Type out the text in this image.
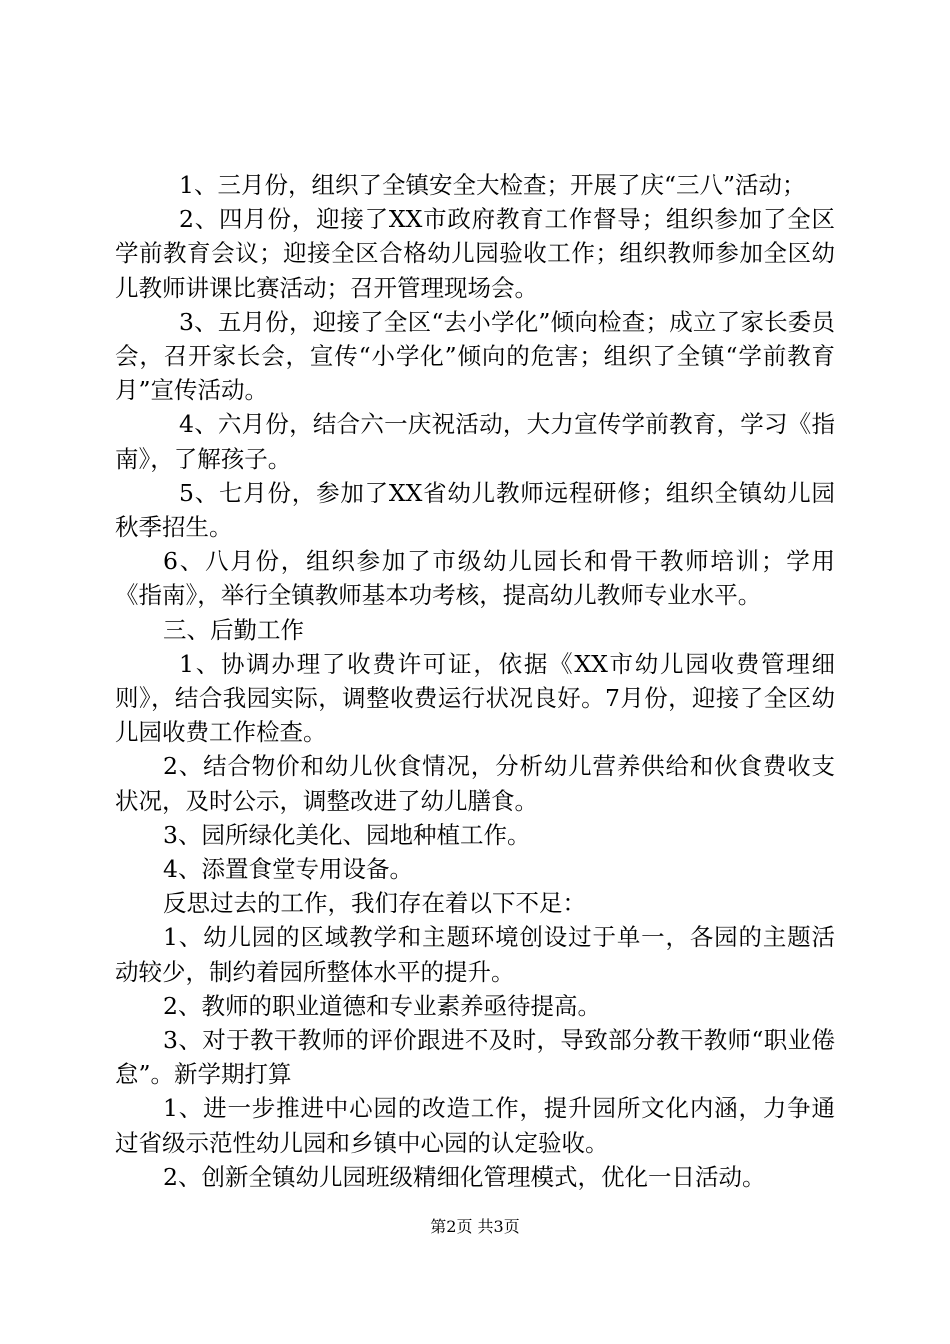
1、三月份，组织了全镇安全大检查；开展了庆“三八”活动；

2、四月份，迎接了XX市政府教育工作督导；组织参加了全区学前教育会议；迎接全区合格幼儿园验收工作；组织教师参加全区幼儿教师讲课比赛活动；召开管理现场会。

3、五月份，迎接了全区“去小学化”倾向检查；成立了家长委员会，召开家长会，宣传“小学化”倾向的危害；组织了全镇“学前教育月”宣传活动。

4、六月份，结合六一庆祝活动，大力宣传学前教育，学习《指南》，了解孩子。

5、七月份，参加了XX省幼儿教师远程研修；组织全镇幼儿园秋季招生。

6、八月份，组织参加了市级幼儿园长和骨干教师培训；学用《指南》，举行全镇教师基本功考核，提高幼儿教师专业水平。

三、后勤工作

1、协调办理了收费许可证，依据《XX市幼儿园收费管理细则》，结合我园实际，调整收费运行状况良好。7月份，迎接了全区幼儿园收费工作检查。

2、结合物价和幼儿伙食情况，分析幼儿营养供给和伙食费收支状况，及时公示，调整改进了幼儿膳食。

3、园所绿化美化、园地种植工作。

4、添置食堂专用设备。

反思过去的工作，我们存在着以下不足：

1、幼儿园的区域教学和主题环境创设过于单一，各园的主题活动较少，制约着园所整体水平的提升。

2、教师的职业道德和专业素养亟待提高。

3、对于教干教师的评价跟进不及时，导致部分教干教师“职业倦怠”。新学期打算

1、进一步推进中心园的改造工作，提升园所文化内涵，力争通过省级示范性幼儿园和乡镇中心园的认定验收。

2、创新全镇幼儿园班级精细化管理模式，优化一日活动。

第2页 共3页
